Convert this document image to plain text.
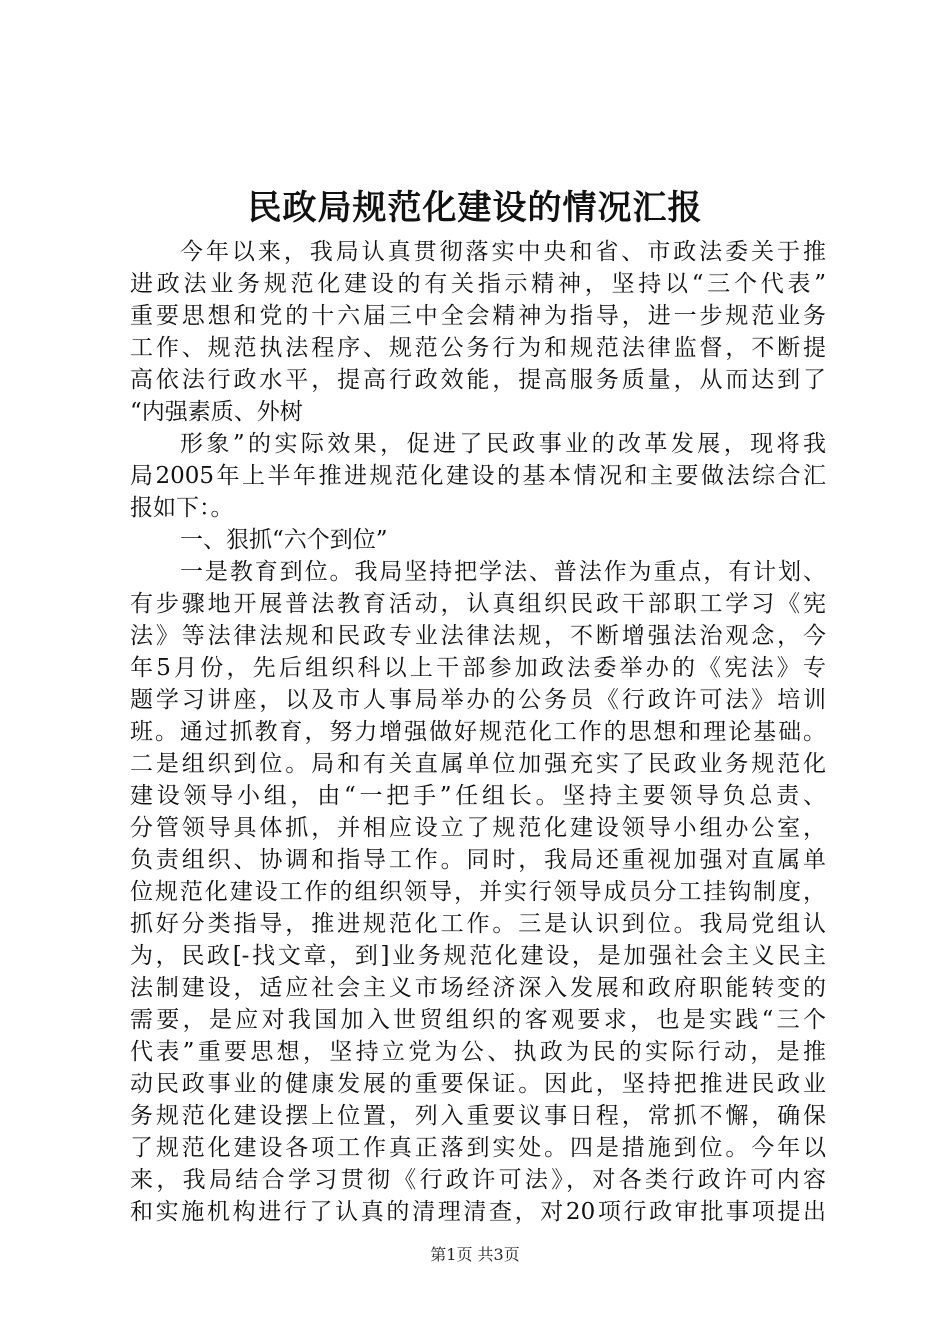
民政局规范化建设的情况汇报
今年以来，我局认真贯彻落实中央和省、市政法委关于推
进政法业务规范化建设的有关指示精神，坚持以“三个代表”
重要思想和党的十六届三中全会精神为指导，进一步规范业务
工作、规范执法程序、规范公务行为和规范法律监督，不断提
高依法行政水平，提高行政效能，提高服务质量，从而达到了
“内强素质、外树
形象”的实际效果，促进了民政事业的改革发展，现将我
局2005年上半年推进规范化建设的基本情况和主要做法综合汇
报如下：。
一、狠抓“六个到位”
一是教育到位。我局坚持把学法、普法作为重点，有计划、
有步骤地开展普法教育活动，认真组织民政干部职工学习《宪
法》等法律法规和民政专业法律法规，不断增强法治观念，今
年5月份，先后组织科以上干部参加政法委举办的《宪法》专
题学习讲座，以及市人事局举办的公务员《行政许可法》培训
班。通过抓教育，努力增强做好规范化工作的思想和理论基础。
二是组织到位。局和有关直属单位加强充实了民政业务规范化
建设领导小组，由“一把手”任组长。坚持主要领导负总责、
分管领导具体抓，并相应设立了规范化建设领导小组办公室，
负责组织、协调和指导工作。同时，我局还重视加强对直属单
位规范化建设工作的组织领导，并实行领导成员分工挂钩制度，
抓好分类指导，推进规范化工作。三是认识到位。我局党组认
为，民政[-找文章，到]业务规范化建设，是加强社会主义民主
法制建设，适应社会主义市场经济深入发展和政府职能转变的
需要，是应对我国加入世贸组织的客观要求，也是实践“三个
代表”重要思想，坚持立党为公、执政为民的实际行动，是推
动民政事业的健康发展的重要保证。因此，坚持把推进民政业
务规范化建设摆上位置，列入重要议事日程，常抓不懈，确保
了规范化建设各项工作真正落到实处。四是措施到位。今年以
来，我局结合学习贯彻《行政许可法》，对各类行政许可内容
和实施机构进行了认真的清理清查，对20项行政审批事项提出
第1页 共3页
